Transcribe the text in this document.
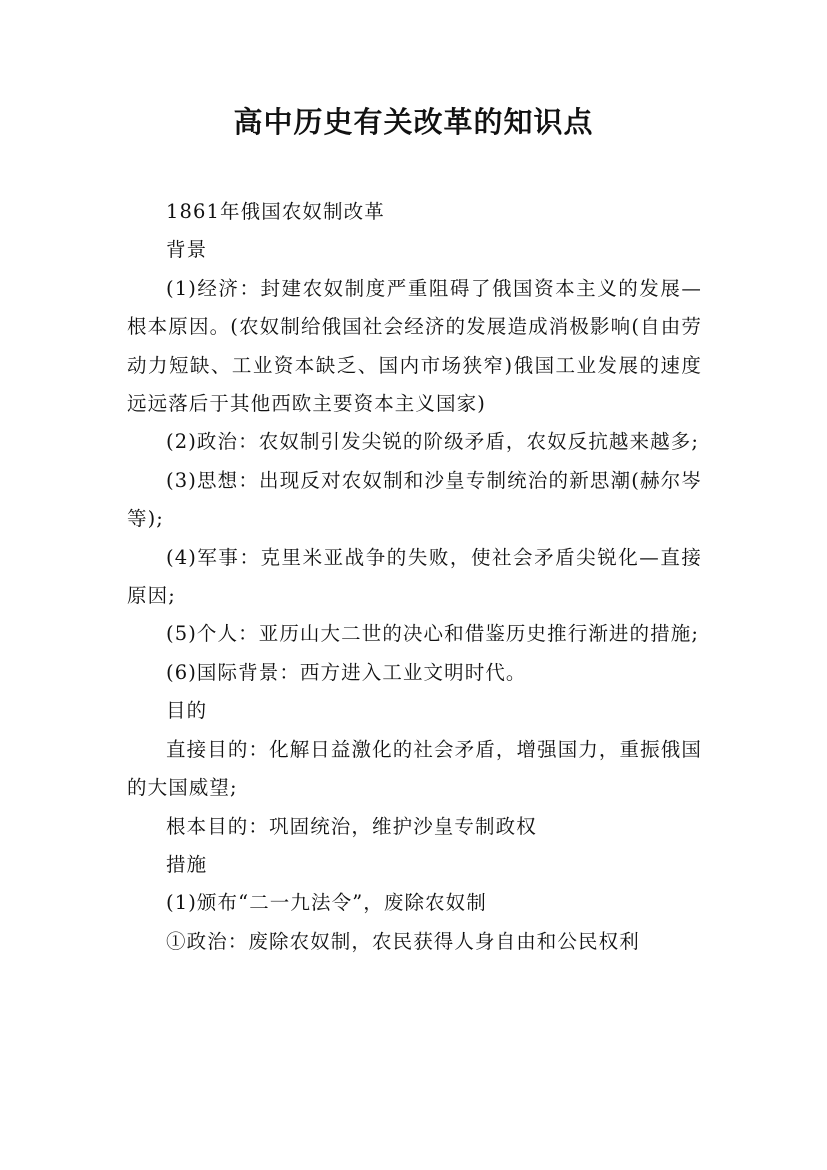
高中历史有关改革的知识点

1861年俄国农奴制改革

背景

(1)经济：封建农奴制度严重阻碍了俄国资本主义的发展—根本原因。(农奴制给俄国社会经济的发展造成消极影响(自由劳动力短缺、工业资本缺乏、国内市场狭窄)俄国工业发展的速度远远落后于其他西欧主要资本主义国家)

(2)政治：农奴制引发尖锐的阶级矛盾，农奴反抗越来越多;

(3)思想：出现反对农奴制和沙皇专制统治的新思潮(赫尔岑等);

(4)军事：克里米亚战争的失败，使社会矛盾尖锐化—直接原因;

(5)个人：亚历山大二世的决心和借鉴历史推行渐进的措施;

(6)国际背景：西方进入工业文明时代。

目的

直接目的：化解日益激化的社会矛盾，增强国力，重振俄国的大国威望;

根本目的：巩固统治，维护沙皇专制政权

措施

(1)颁布“二一九法令”，废除农奴制

①政治：废除农奴制，农民获得人身自由和公民权利
